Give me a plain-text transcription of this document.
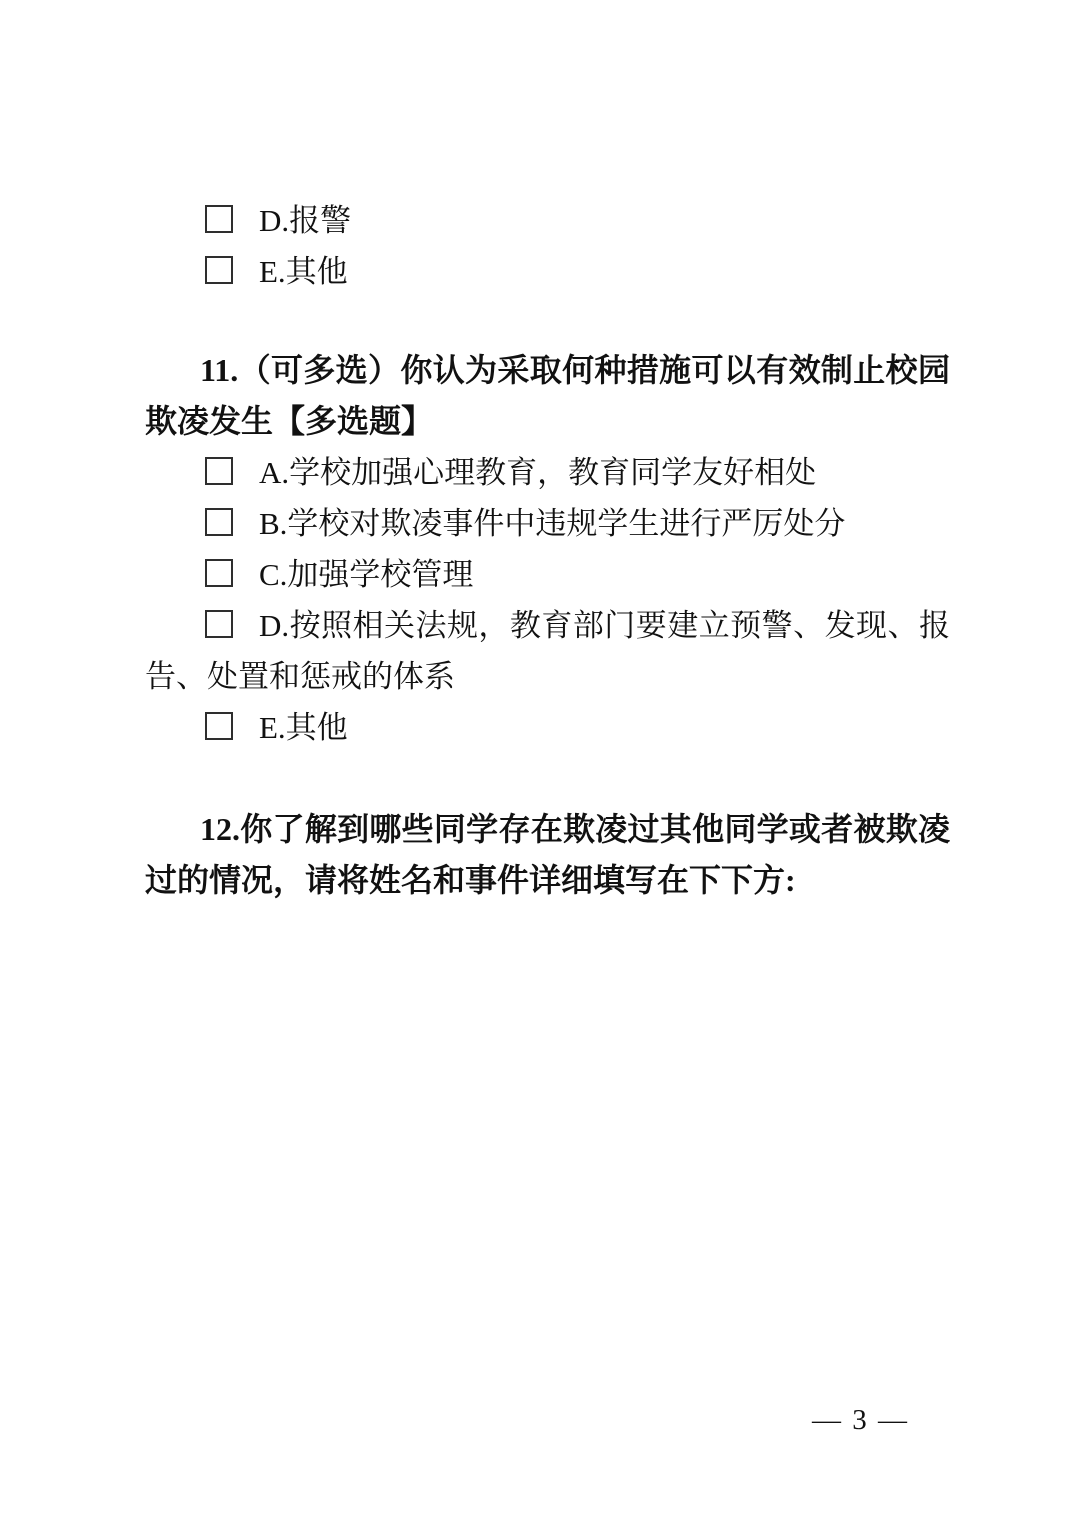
D.报警
E.其他

11.（可多选）你认为采取何种措施可以有效制止校园欺凌发生【多选题】

A.学校加强心理教育，教育同学友好相处
B.学校对欺凌事件中违规学生进行严厉处分
C.加强学校管理
D.按照相关法规，教育部门要建立预警、发现、报告、处置和惩戒的体系
E.其他

12.你了解到哪些同学存在欺凌过其他同学或者被欺凌过的情况，请将姓名和事件详细填写在下下方:

— 3 —
